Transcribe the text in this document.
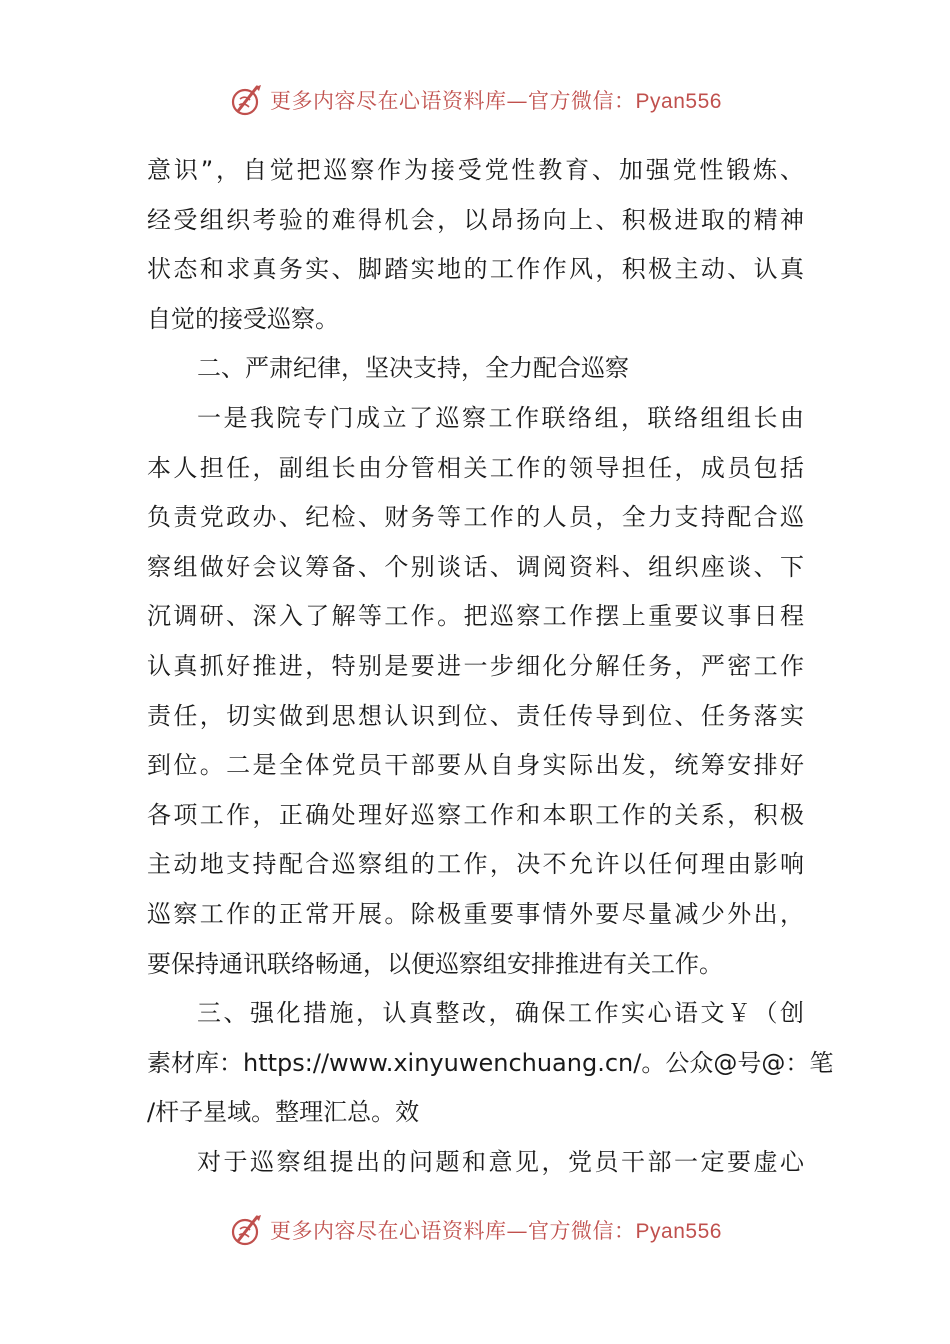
更多内容尽在心语资料库—官方微信：Pyan556
意识”，自觉把巡察作为接受党性教育、加强党性锻炼、
经受组织考验的难得机会，以昂扬向上、积极进取的精神
状态和求真务实、脚踏实地的工作作风，积极主动、认真
自觉的接受巡察。
二、严肃纪律，坚决支持，全力配合巡察
一是我院专门成立了巡察工作联络组，联络组组长由
本人担任，副组长由分管相关工作的领导担任，成员包括
负责党政办、纪检、财务等工作的人员，全力支持配合巡
察组做好会议筹备、个别谈话、调阅资料、组织座谈、下
沉调研、深入了解等工作。把巡察工作摆上重要议事日程
认真抓好推进，特别是要进一步细化分解任务，严密工作
责任，切实做到思想认识到位、责任传导到位、任务落实
到位。二是全体党员干部要从自身实际出发，统筹安排好
各项工作，正确处理好巡察工作和本职工作的关系，积极
主动地支持配合巡察组的工作，决不允许以任何理由影响
巡察工作的正常开展。除极重要事情外要尽量减少外出，
要保持通讯联络畅通，以便巡察组安排推进有关工作。
三、强化措施，认真整改，确保工作实心语文￥（创
素材库：https://www.xinyuwenchuang.cn/。公众@号@：笔
/杆子星域。整理汇总。效
对于巡察组提出的问题和意见，党员干部一定要虚心
更多内容尽在心语资料库—官方微信：Pyan556
